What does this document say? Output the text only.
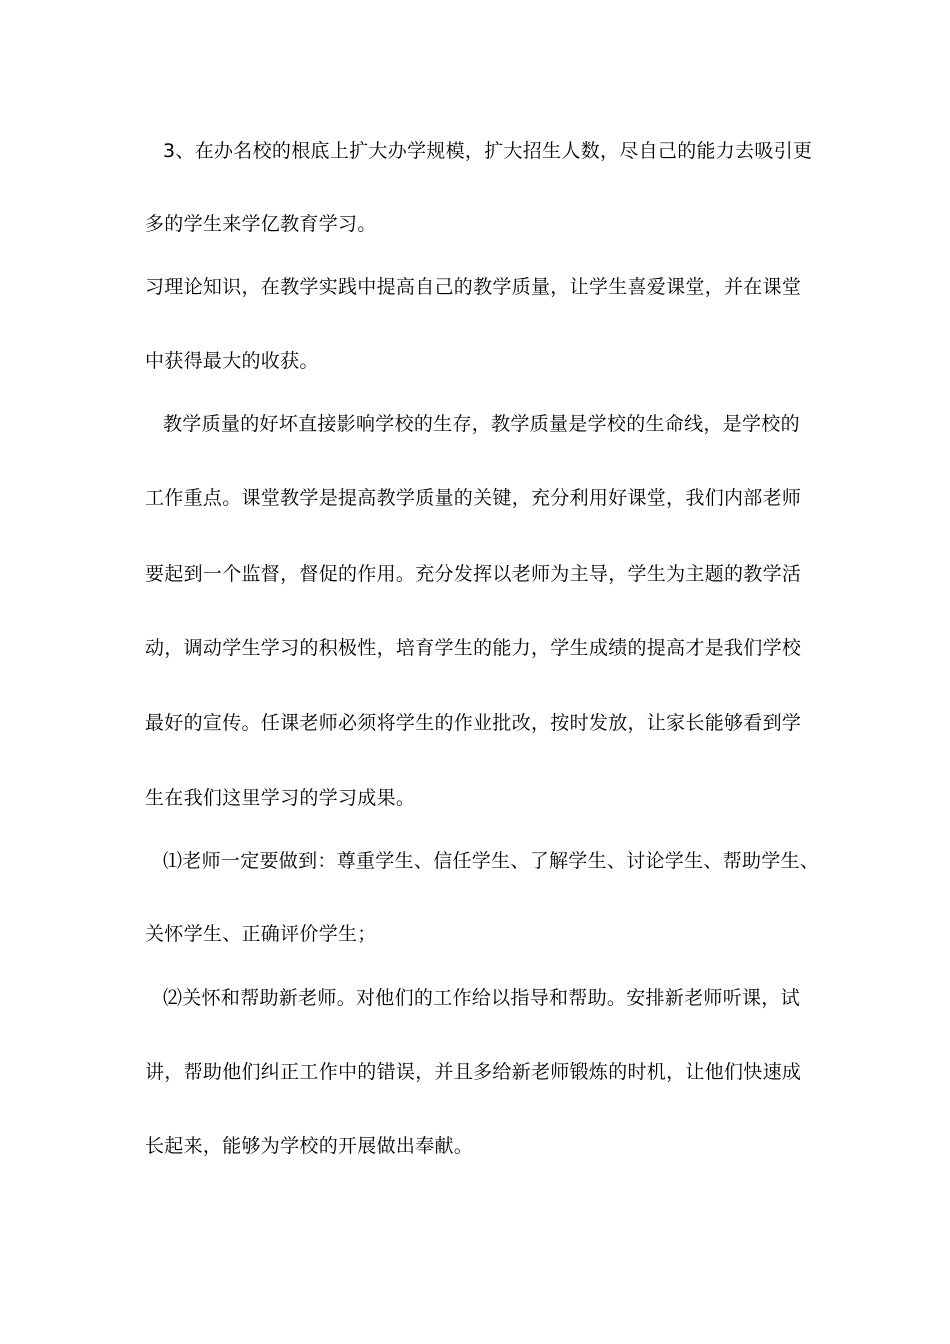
3、在办名校的根底上扩大办学规模，扩大招生人数，尽自己的能力去吸引更
多的学生来学亿教育学习。
习理论知识，在教学实践中提高自己的教学质量，让学生喜爱课堂，并在课堂
中获得最大的收获。
教学质量的好坏直接影响学校的生存，教学质量是学校的生命线，是学校的
工作重点。课堂教学是提高教学质量的关键，充分利用好课堂，我们内部老师
要起到一个监督，督促的作用。充分发挥以老师为主导，学生为主题的教学活
动，调动学生学习的积极性，培育学生的能力，学生成绩的提高才是我们学校
最好的宣传。任课老师必须将学生的作业批改，按时发放，让家长能够看到学
生在我们这里学习的学习成果。
⑴老师一定要做到：尊重学生、信任学生、了解学生、讨论学生、帮助学生、
关怀学生、正确评价学生；
⑵关怀和帮助新老师。对他们的工作给以指导和帮助。安排新老师听课，试
讲，帮助他们纠正工作中的错误，并且多给新老师锻炼的时机，让他们快速成
长起来，能够为学校的开展做出奉献。
